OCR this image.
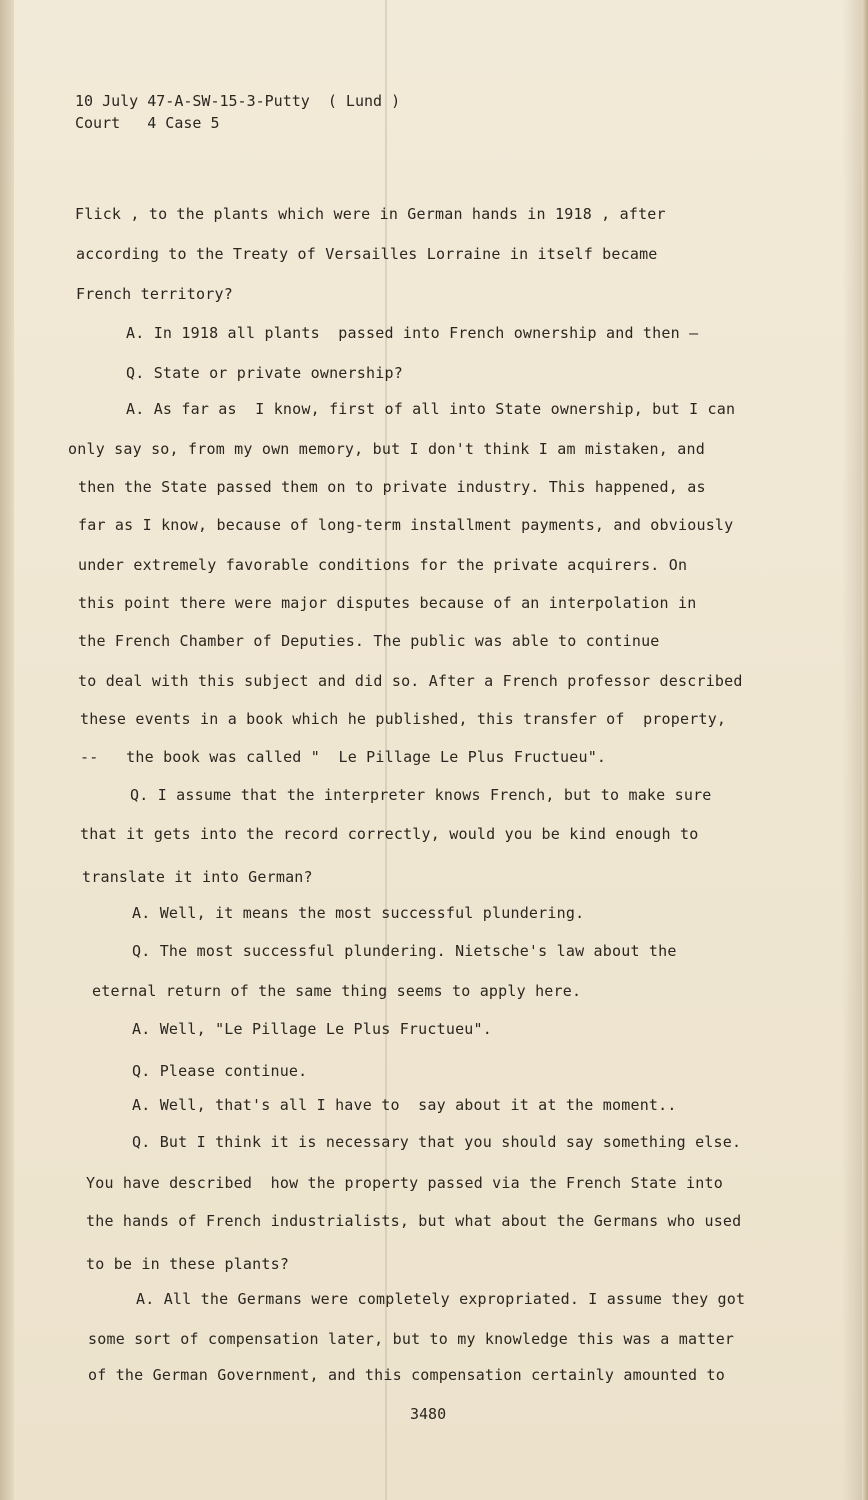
10 July 47-A-SW-15-3-Putty  ( Lund )
Court   4 Case 5
Flick , to the plants which were in German hands in 1918 , after
according to the Treaty of Versailles Lorraine in itself became
French territory?
A. In 1918 all plants  passed into French ownership and then —
Q. State or private ownership?
A. As far as  I know, first of all into State ownership, but I can
only say so, from my own memory, but I don't think I am mistaken, and
then the State passed them on to private industry. This happened, as
far as I know, because of long-term installment payments, and obviously
under extremely favorable conditions for the private acquirers. On
this point there were major disputes because of an interpolation in
the French Chamber of Deputies. The public was able to continue
to deal with this subject and did so. After a French professor described
these events in a book which he published, this transfer of  property,
--   the book was called "  Le Pillage Le Plus Fructueu".
Q. I assume that the interpreter knows French, but to make sure
that it gets into the record correctly, would you be kind enough to
translate it into German?
A. Well, it means the most successful plundering.
Q. The most successful plundering. Nietsche's law about the
eternal return of the same thing seems to apply here.
A. Well, "Le Pillage Le Plus Fructueu".
Q. Please continue.
A. Well, that's all I have to  say about it at the moment..
Q. But I think it is necessary that you should say something else.
You have described  how the property passed via the French State into
the hands of French industrialists, but what about the Germans who used
to be in these plants?
A. All the Germans were completely expropriated. I assume they got
some sort of compensation later, but to my knowledge this was a matter
of the German Government, and this compensation certainly amounted to
3480
